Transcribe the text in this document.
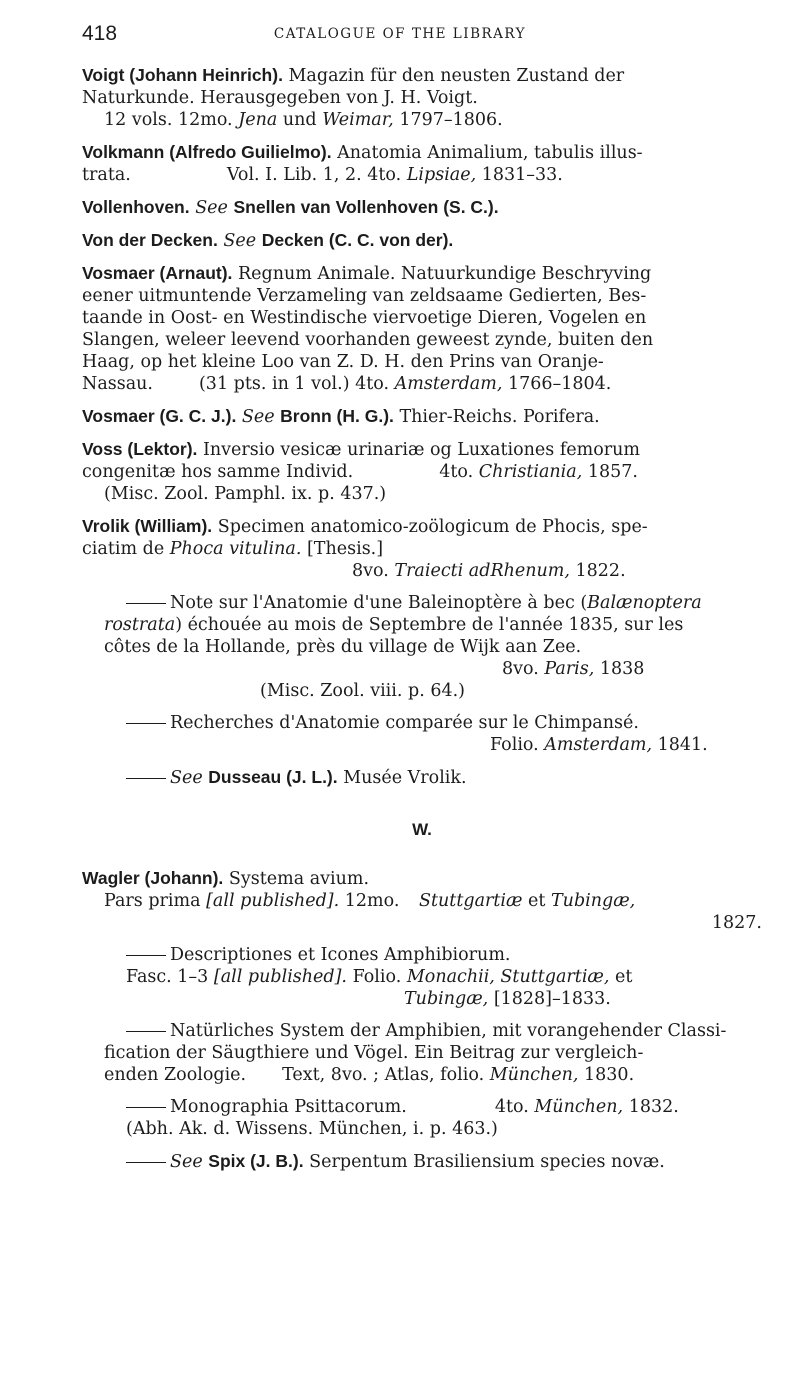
418	CATALOGUE OF THE LIBRARY
Voigt (Johann Heinrich). Magazin für den neusten Zustand der
Naturkunde. Herausgegeben von J. H. Voigt.
12 vols. 12mo. Jena und Weimar, 1797–1806.
Volkmann (Alfredo Guilielmo). Anatomia Animalium, tabulis illus-
trata.	Vol. I. Lib. 1, 2. 4to. Lipsiae, 1831–33.
Vollenhoven. See Snellen van Vollenhoven (S. C.).
Von der Decken. See Decken (C. C. von der).
Vosmaer (Arnaut). Regnum Animale. Natuurkundige Beschryving
eener uitmuntende Verzameling van zeldsaame Gedierten, Bes-
taande in Oost- en Westindische viervoetige Dieren, Vogelen en
Slangen, weleer leevend voorhanden geweest zynde, buiten den
Haag, op het kleine Loo van Z. D. H. den Prins van Oranje-
Nassau.	(31 pts. in 1 vol.) 4to. Amsterdam, 1766–1804.
Vosmaer (G. C. J.). See Bronn (H. G.). Thier-Reichs. Porifera.
Voss (Lektor). Inversio vesicæ urinariæ og Luxationes femorum
congenitæ hos samme Individ.	4to. Christiania, 1857.
(Misc. Zool. Pamphl. ix. p. 437.)
Vrolik (William). Specimen anatomico-zoölogicum de Phocis, spe-
ciatim de Phoca vitulina. [Thesis.]
8vo. Traiecti adRhenum, 1822.
Note sur l'Anatomie d'une Baleinoptère à bec (Balænoptera
rostrata) échouée au mois de Septembre de l'année 1835, sur les
côtes de la Hollande, près du village de Wijk aan Zee.
8vo. Paris, 1838
(Misc. Zool. viii. p. 64.)
Recherches d'Anatomie comparée sur le Chimpansé.
Folio. Amsterdam, 1841.
See Dusseau (J. L.). Musée Vrolik.
W.
Wagler (Johann). Systema avium.
Pars prima [all published]. 12mo. Stuttgartiæ et Tubingæ,
1827.
Descriptiones et Icones Amphibiorum.
Fasc. 1–3 [all published]. Folio. Monachii, Stuttgartiæ, et
Tubingæ, [1828]–1833.
Natürliches System der Amphibien, mit vorangehender Classi-
fication der Säugthiere und Vögel. Ein Beitrag zur vergleich-
enden Zoologie. Text, 8vo. ; Atlas, folio. München, 1830.
Monographia Psittacorum.	4to. München, 1832.
(Abh. Ak. d. Wissens. München, i. p. 463.)
See Spix (J. B.). Serpentum Brasiliensium species novæ.
